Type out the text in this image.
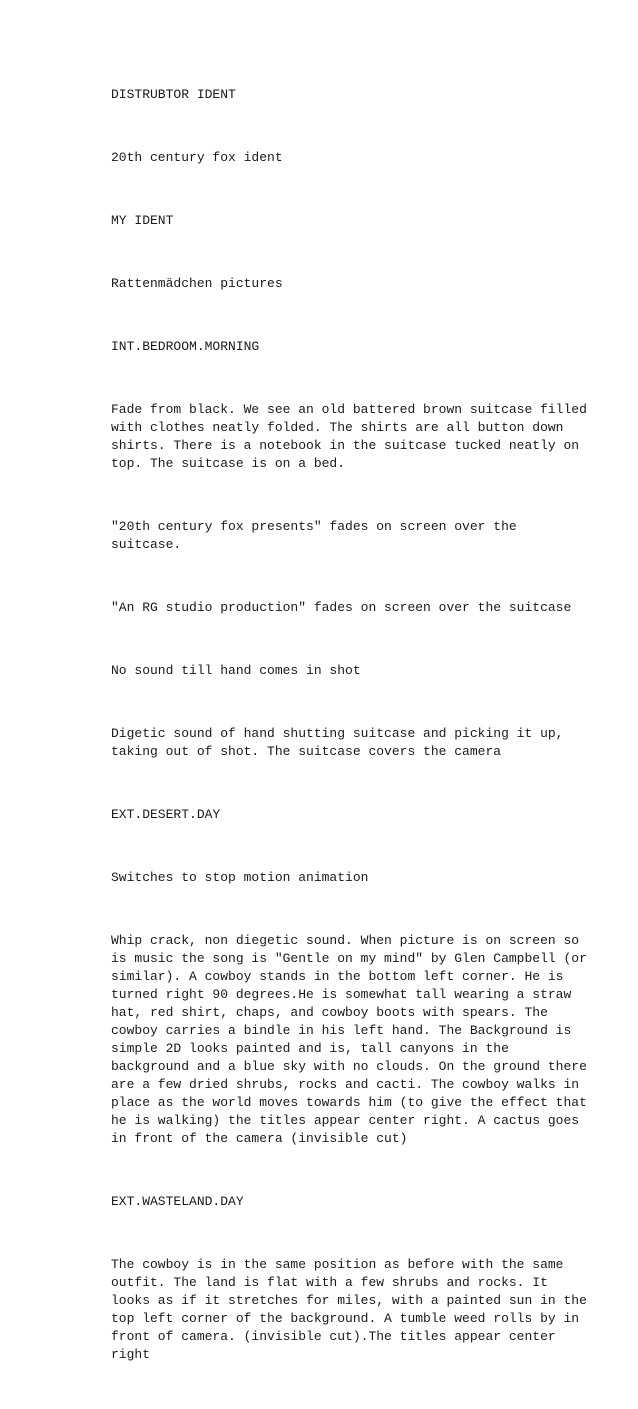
DISTRUBTOR IDENT

20th century fox ident

MY IDENT

Rattenmädchen pictures

INT.BEDROOM.MORNING

Fade from black. We see an old battered brown suitcase filled
with clothes neatly folded. The shirts are all button down
shirts. There is a notebook in the suitcase tucked neatly on
top. The suitcase is on a bed.

"20th century fox presents" fades on screen over the
suitcase.

"An RG studio production" fades on screen over the suitcase

No sound till hand comes in shot

Digetic sound of hand shutting suitcase and picking it up,
taking out of shot. The suitcase covers the camera

EXT.DESERT.DAY

Switches to stop motion animation

Whip crack, non diegetic sound. When picture is on screen so
is music the song is "Gentle on my mind" by Glen Campbell (or
similar). A cowboy stands in the bottom left corner. He is
turned right 90 degrees.He is somewhat tall wearing a straw
hat, red shirt, chaps, and cowboy boots with spears. The
cowboy carries a bindle in his left hand. The Background is
simple 2D looks painted and is, tall canyons in the
background and a blue sky with no clouds. On the ground there
are a few dried shrubs, rocks and cacti. The cowboy walks in
place as the world moves towards him (to give the effect that
he is walking) the titles appear center right. A cactus goes
in front of the camera (invisible cut)

EXT.WASTELAND.DAY

The cowboy is in the same position as before with the same
outfit. The land is flat with a few shrubs and rocks. It
looks as if it stretches for miles, with a painted sun in the
top left corner of the background. A tumble weed rolls by in
front of camera. (invisible cut).The titles appear center
right
